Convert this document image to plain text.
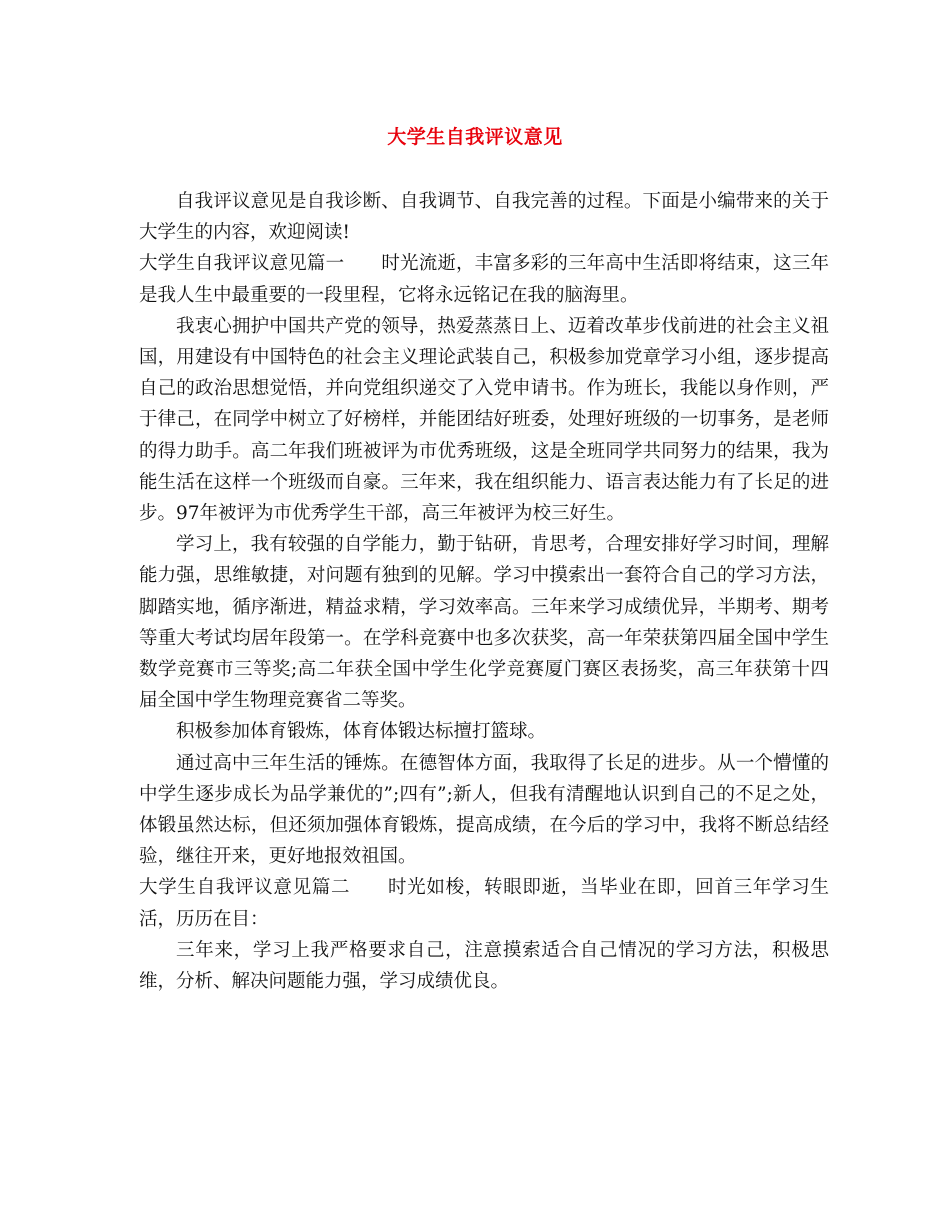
大学生自我评议意见

自我评议意见是自我诊断、自我调节、自我完善的过程。下面是小编带来的关于大学生的内容，欢迎阅读!

大学生自我评议意见篇一 时光流逝，丰富多彩的三年高中生活即将结束，这三年是我人生中最重要的一段里程，它将永远铭记在我的脑海里。

我衷心拥护中国共产党的领导，热爱蒸蒸日上、迈着改革步伐前进的社会主义祖国，用建设有中国特色的社会主义理论武装自己，积极参加党章学习小组，逐步提高自己的政治思想觉悟，并向党组织递交了入党申请书。作为班长，我能以身作则，严于律己，在同学中树立了好榜样，并能团结好班委，处理好班级的一切事务，是老师的得力助手。高二年我们班被评为市优秀班级，这是全班同学共同努力的结果，我为能生活在这样一个班级而自豪。三年来，我在组织能力、语言表达能力有了长足的进步。97年被评为市优秀学生干部，高三年被评为校三好生。

学习上，我有较强的自学能力，勤于钻研，肯思考，合理安排好学习时间，理解能力强，思维敏捷，对问题有独到的见解。学习中摸索出一套符合自己的学习方法，脚踏实地，循序渐进，精益求精，学习效率高。三年来学习成绩优异，半期考、期考等重大考试均居年段第一。在学科竞赛中也多次获奖，高一年荣获第四届全国中学生数学竞赛市三等奖;高二年获全国中学生化学竞赛厦门赛区表扬奖，高三年获第十四届全国中学生物理竞赛省二等奖。

积极参加体育锻炼，体育体锻达标擅打篮球。

通过高中三年生活的锤炼。在德智体方面，我取得了长足的进步。从一个懵懂的中学生逐步成长为品学兼优的”;四有”;新人，但我有清醒地认识到自己的不足之处，体锻虽然达标，但还须加强体育锻炼，提高成绩，在今后的学习中，我将不断总结经验，继往开来，更好地报效祖国。

大学生自我评议意见篇二 时光如梭，转眼即逝，当毕业在即，回首三年学习生活，历历在目：

三年来，学习上我严格要求自己，注意摸索适合自己情况的学习方法，积极思维，分析、解决问题能力强，学习成绩优良。
